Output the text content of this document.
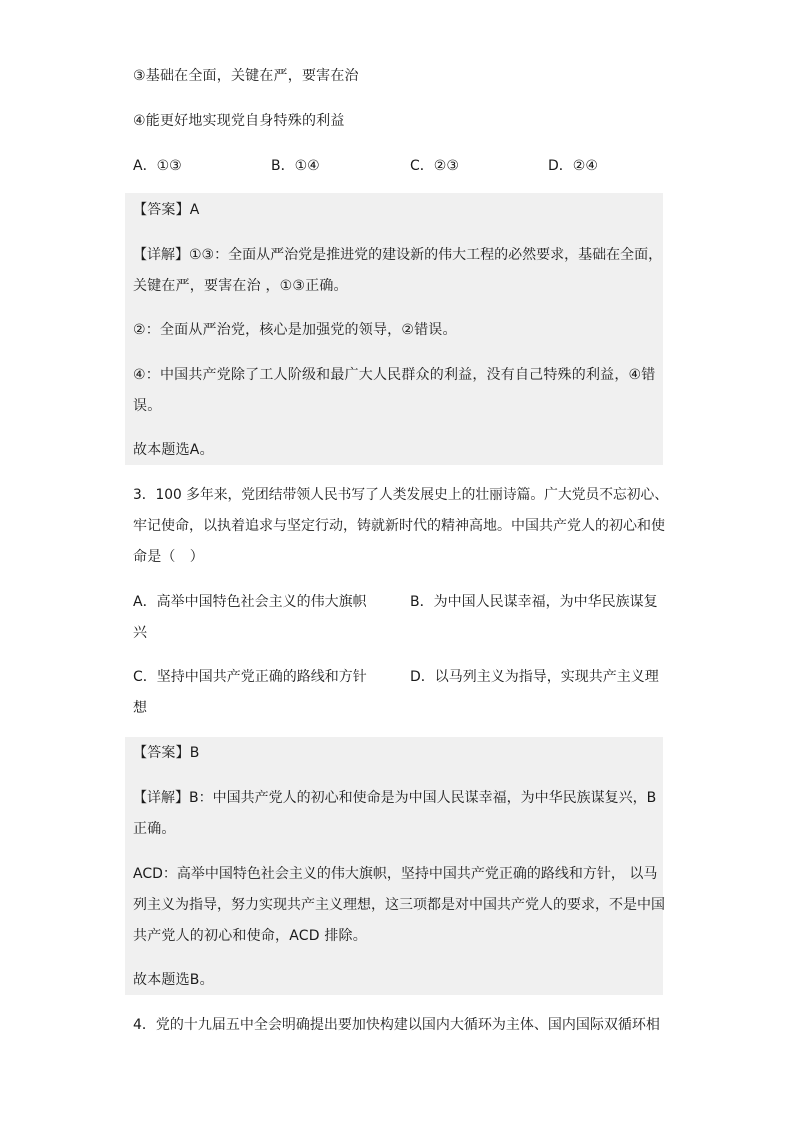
③基础在全面，关键在严，要害在治
④能更好地实现党自身特殊的利益
A．①③	B．①④	C．②③	D．②④
【答案】A
【详解】①③：全面从严治党是推进党的建设新的伟大工程的必然要求，基础在全面，
关键在严，要害在治 ，①③正确。
②：全面从严治党，核心是加强党的领导，②错误。
④：中国共产党除了工人阶级和最广大人民群众的利益，没有自己特殊的利益，④错
误。
故本题选A。
3．100 多年来，党团结带领人民书写了人类发展史上的壮丽诗篇。广大党员不忘初心、
牢记使命，以执着追求与坚定行动，铸就新时代的精神高地。中国共产党人的初心和使
命是（　）
A．高举中国特色社会主义的伟大旗帜	B．为中国人民谋幸福，为中华民族谋复
兴
C．坚持中国共产党正确的路线和方针	D．以马列主义为指导，实现共产主义理
想
【答案】B
【详解】B：中国共产党人的初心和使命是为中国人民谋幸福，为中华民族谋复兴，B
正确。
ACD：高举中国特色社会主义的伟大旗帜，坚持中国共产党正确的路线和方针， 以马
列主义为指导，努力实现共产主义理想，这三项都是对中国共产党人的要求，不是中国
共产党人的初心和使命，ACD 排除。
故本题选B。
4．党的十九届五中全会明确提出要加快构建以国内大循环为主体、国内国际双循环相
